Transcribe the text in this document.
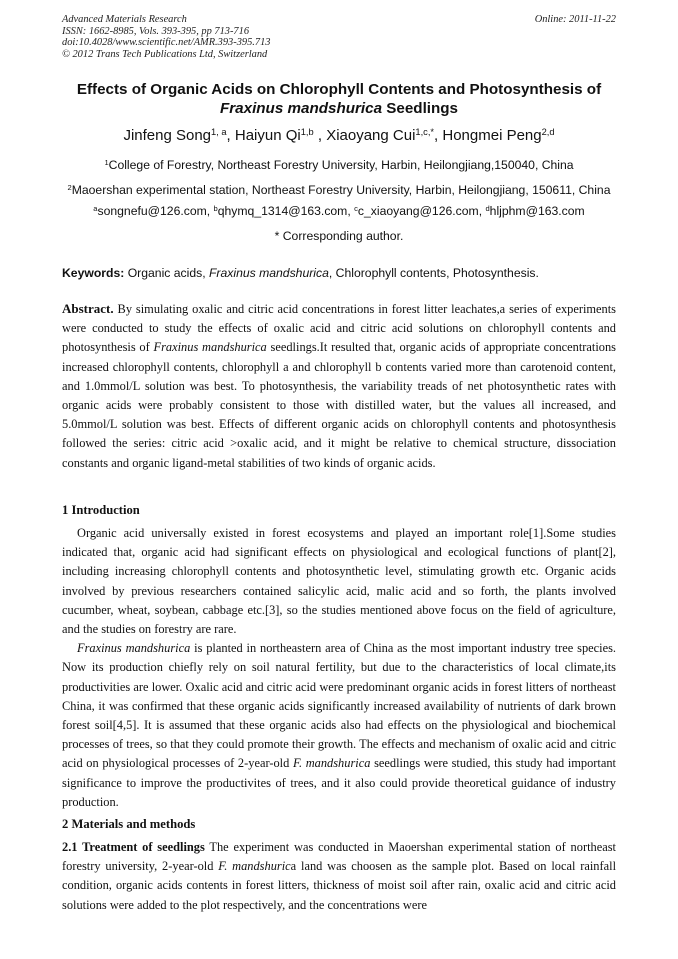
Advanced Materials Research
ISSN: 1662-8985, Vols. 393-395, pp 713-716
doi:10.4028/www.scientific.net/AMR.393-395.713
© 2012 Trans Tech Publications Ltd, Switzerland
Online: 2011-11-22
Effects of Organic Acids on Chlorophyll Contents and Photosynthesis of
Fraxinus mandshurica Seedlings
Jinfeng Song$^{1, a}$, Haiyun Qi$^{1,b}$ , Xiaoyang Cui$^{1,c,*}$, Hongmei Peng$^{2,d}$
$^1$College of Forestry, Northeast Forestry University, Harbin, Heilongjiang,150040, China
$^2$Maoershan experimental station, Northeast Forestry University, Harbin, Heilongjiang, 150611, China
$^a$songnefu@126.com, $^b$qhymq_1314@163.com, $^c$c_xiaoyang@126.com, $^d$hljphm@163.com
* Corresponding author.
Keywords: Organic acids, Fraxinus mandshurica, Chlorophyll contents, Photosynthesis.
Abstract. By simulating oxalic and citric acid concentrations in forest litter leachates,a series of experiments were conducted to study the effects of oxalic acid and citric acid solutions on chlorophyll contents and photosynthesis of Fraxinus mandshurica seedlings.It resulted that, organic acids of appropriate concentrations increased chlorophyll contents, chlorophyll a and chlorophyll b contents varied more than carotenoid content, and 1.0mmol/L solution was best. To photosynthesis, the variability treads of net photosynthetic rates with organic acids were probably consistent to those with distilled water, but the values all increased, and 5.0mmol/L solution was best. Effects of different organic acids on chlorophyll contents and photosynthesis followed the series: citric acid >oxalic acid, and it might be relative to chemical structure, dissociation constants and organic ligand-metal stabilities of two kinds of organic acids.
1 Introduction

Organic acid universally existed in forest ecosystems and played an important role[1].Some studies indicated that, organic acid had significant effects on physiological and ecological functions of plant[2], including increasing chlorophyll contents and photosynthetic level, stimulating growth etc. Organic acids involved by previous researchers contained salicylic acid, malic acid and so forth, the plants involved cucumber, wheat, soybean, cabbage etc.[3], so the studies mentioned above focus on the field of agriculture, and the studies on forestry are rare.

Fraxinus mandshurica is planted in northeastern area of China as the most important industry tree species. Now its production chiefly rely on soil natural fertility, but due to the characteristics of local climate,its productivities are lower. Oxalic acid and citric acid were predominant organic acids in forest litters of northeast China, it was confirmed that these organic acids significantly increased availability of nutrients of dark brown forest soil[4,5]. It is assumed that these organic acids also had effects on the physiological and biochemical processes of trees, so that they could promote their growth. The effects and mechanism of oxalic acid and citric acid on physiological processes of 2-year-old F. mandshurica seedlings were studied, this study had important significance to improve the productivites of trees, and it also could provide theoretical guidance of industry production.

2 Materials and methods

2.1 Treatment of seedlings The experiment was conducted in Maoershan experimental station of northeast forestry university, 2-year-old F. mandshurica land was choosen as the sample plot. Based on local rainfall condition, organic acids contents in forest litters, thickness of moist soil after rain, oxalic acid and citric acid solutions were added to the plot respectively, and the concentrations were
